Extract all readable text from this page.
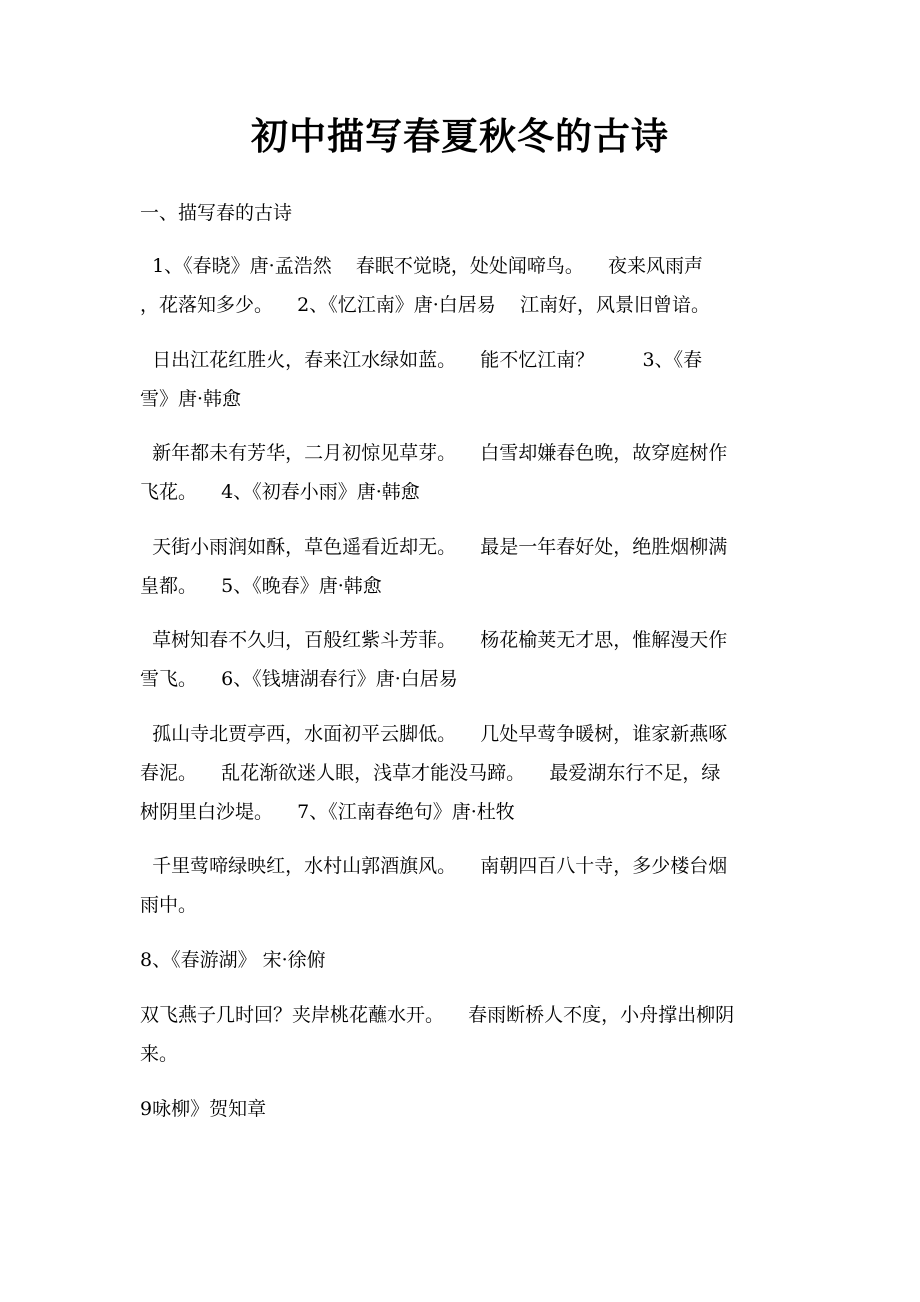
初中描写春夏秋冬的古诗
一、描写春的古诗
1、《春晓》唐·孟浩然    春眠不觉晓，处处闻啼鸟。    夜来风雨声
，花落知多少。    2、《忆江南》唐·白居易    江南好，风景旧曾谙。
日出江花红胜火，春来江水绿如蓝。    能不忆江南？        3、《春
雪》唐·韩愈
新年都未有芳华，二月初惊见草芽。    白雪却嫌春色晚，故穿庭树作
飞花。    4、《初春小雨》唐·韩愈
天街小雨润如酥，草色遥看近却无。    最是一年春好处，绝胜烟柳满
皇都。    5、《晚春》唐·韩愈
草树知春不久归，百般红紫斗芳菲。    杨花榆荚无才思，惟解漫天作
雪飞。    6、《钱塘湖春行》唐·白居易
孤山寺北贾亭西，水面初平云脚低。    几处早莺争暖树，谁家新燕啄
春泥。    乱花渐欲迷人眼，浅草才能没马蹄。    最爱湖东行不足，绿
树阴里白沙堤。    7、《江南春绝句》唐·杜牧
千里莺啼绿映红，水村山郭酒旗风。    南朝四百八十寺，多少楼台烟
雨中。
8、《春游湖》 宋·徐俯
双飞燕子几时回？夹岸桃花蘸水开。    春雨断桥人不度，小舟撑出柳阴
来。
9咏柳》贺知章
